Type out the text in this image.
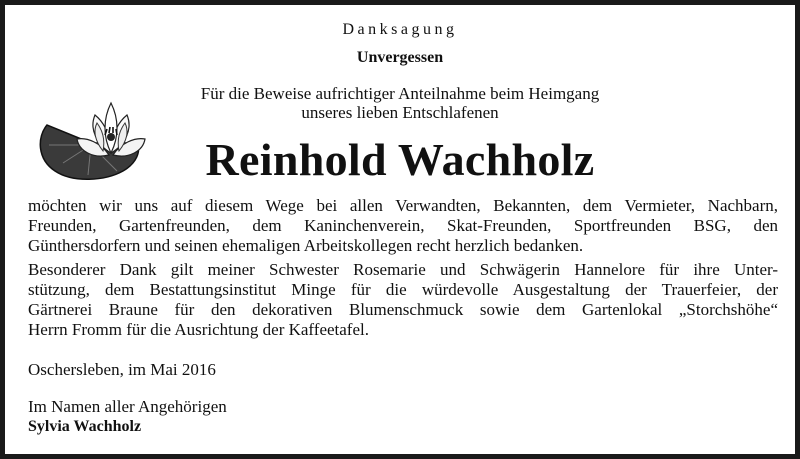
Danksagung
Unvergessen
Für die Beweise aufrichtiger Anteilnahme beim Heimgang
unseres lieben Entschlafenen
Reinhold Wachholz
möchten wir uns auf diesem Wege bei allen Verwandten, Bekannten, dem Vermieter, Nachbarn,
Freunden, Gartenfreunden, dem Kaninchenverein, Skat-Freunden, Sportfreunden BSG, den
Günthersdorfern und seinen ehemaligen Arbeitskollegen recht herzlich bedanken.
Besonderer Dank gilt meiner Schwester Rosemarie und Schwägerin Hannelore für ihre Unter-
stützung, dem Bestattungsinstitut Minge für die würdevolle Ausgestaltung der Trauerfeier, der
Gärtnerei Braune für den dekorativen Blumenschmuck sowie dem Gartenlokal „Storchshöhe“
Herrn Fromm für die Ausrichtung der Kaffeetafel.
Oschersleben, im Mai 2016
Im Namen aller Angehörigen
Sylvia Wachholz
